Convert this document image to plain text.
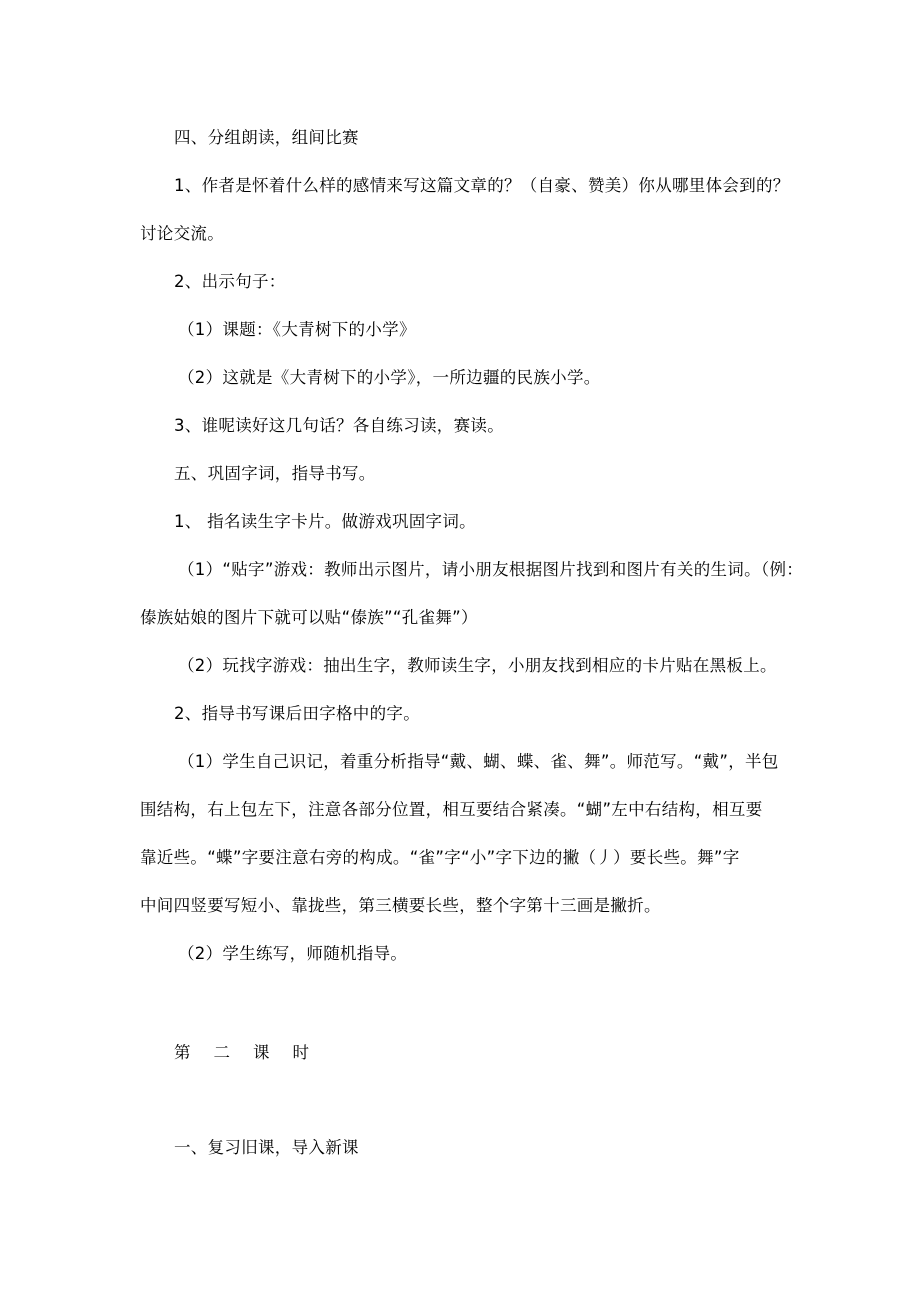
四、分组朗读，组间比赛
1、作者是怀着什么样的感情来写这篇文章的？（自豪、赞美）你从哪里体会到的？
讨论交流。
2、出示句子：
（1）课题：《大青树下的小学》
（2）这就是《大青树下的小学》，一所边疆的民族小学。
3、谁呢读好这几句话？各自练习读，赛读。
五、巩固字词，指导书写。
1、 指名读生字卡片。做游戏巩固字词。
（1）“贴字”游戏：教师出示图片，请小朋友根据图片找到和图片有关的生词。（例：
傣族姑娘的图片下就可以贴“傣族”“孔雀舞”）
（2）玩找字游戏：抽出生字，教师读生字，小朋友找到相应的卡片贴在黑板上。
2、指导书写课后田字格中的字。
（1）学生自己识记，着重分析指导“戴、蝴、蝶、雀、舞”。师范写。“戴”，半包
围结构，右上包左下，注意各部分位置，相互要结合紧凑。“蝴”左中右结构，相互要
靠近些。“蝶”字要注意右旁的构成。“雀”字“小”字下边的撇（丿）要长些。舞”字
中间四竖要写短小、靠拢些，第三横要长些，整个字第十三画是撇折。
（2）学生练写，师随机指导。
第二课时
一、复习旧课，导入新课
